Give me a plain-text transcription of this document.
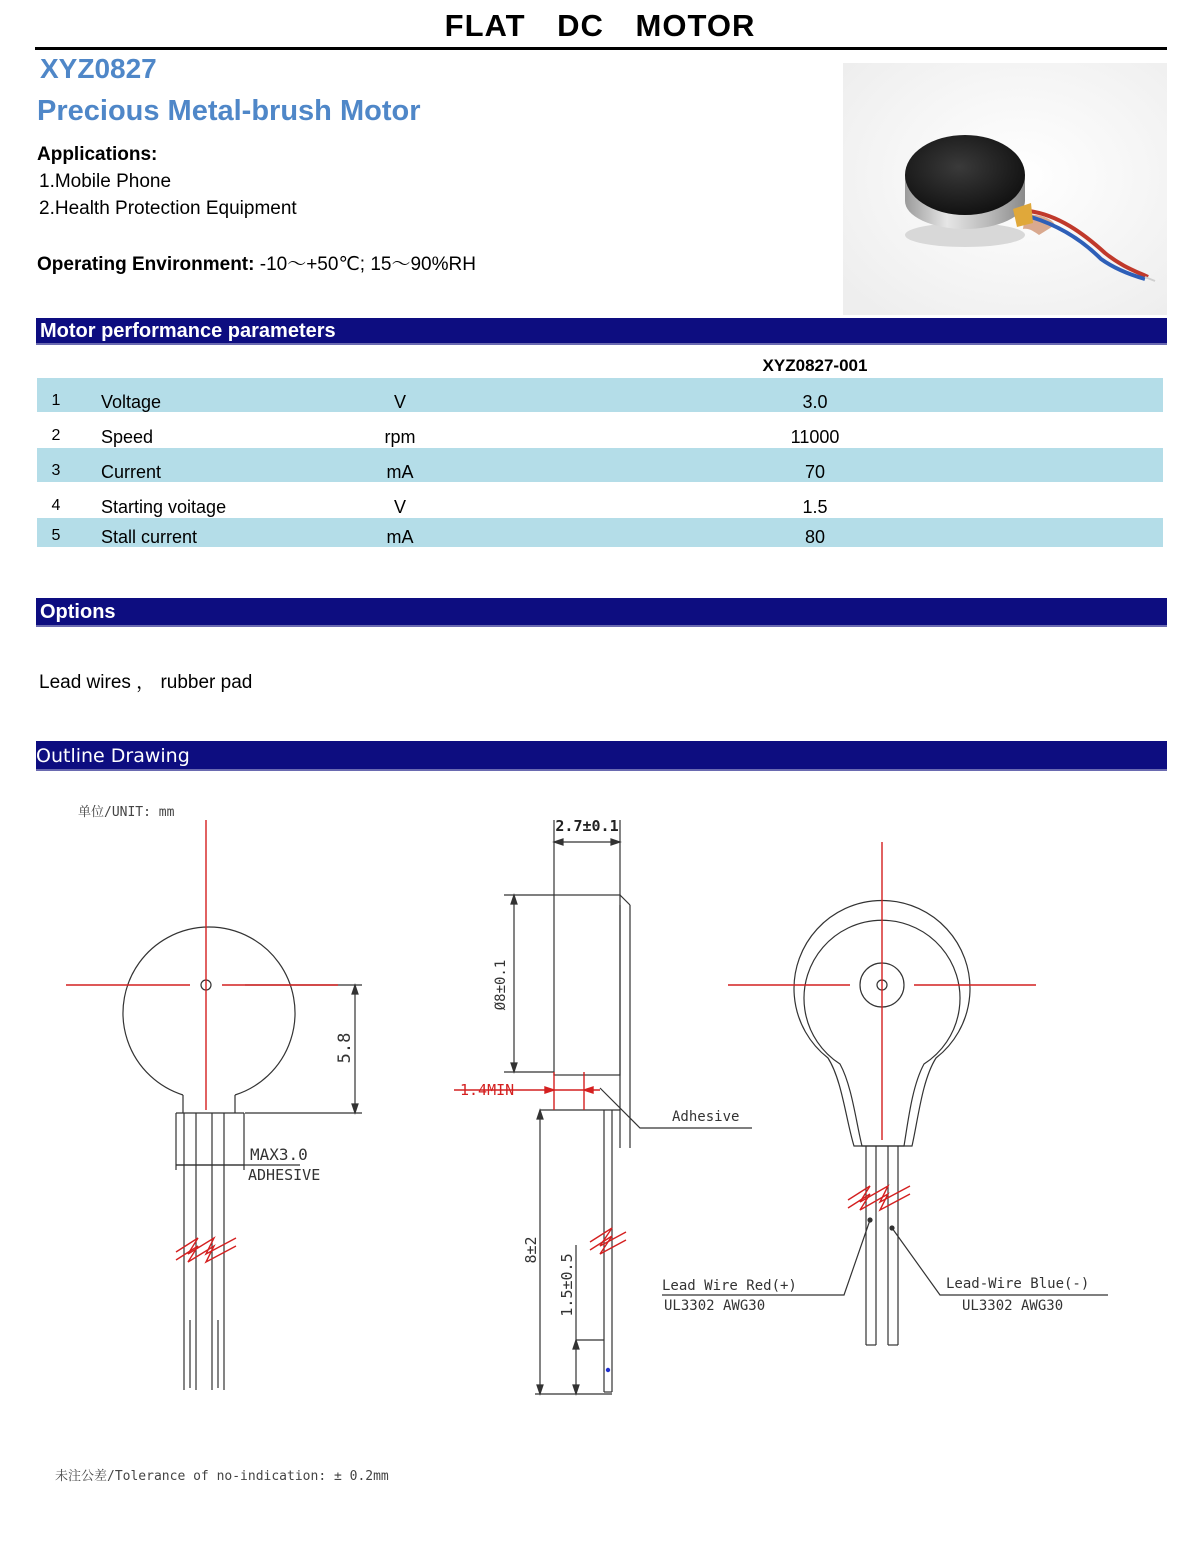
FLAT DC MOTOR
XYZ0827
Precious Metal-brush Motor
Applications:
1.Mobile Phone
2.Health Protection Equipment
Operating Environment: -10～+50℃; 15～90%RH
Motor performance parameters
XYZ0827-001
1	Voltage	V	3.0
2	Speed	rpm	11000
3	Current	mA	70
4	Starting voitage	V	1.5
5	Stall current	mA	80
Options
Lead wires ， rubber pad
Outline Drawing
单位/UNIT: mm
5.8
MAX3.0
ADHESIVE
2.7±0.1
Ø8±0.1
1.4MIN
Adhesive
8±2
1.5±0.5	Lead Wire Red(+)
UL3302 AWG30
Lead-Wire Blue(-)
UL3302 AWG30
未注公差/Tolerance of no-indication: ± 0.2mm
